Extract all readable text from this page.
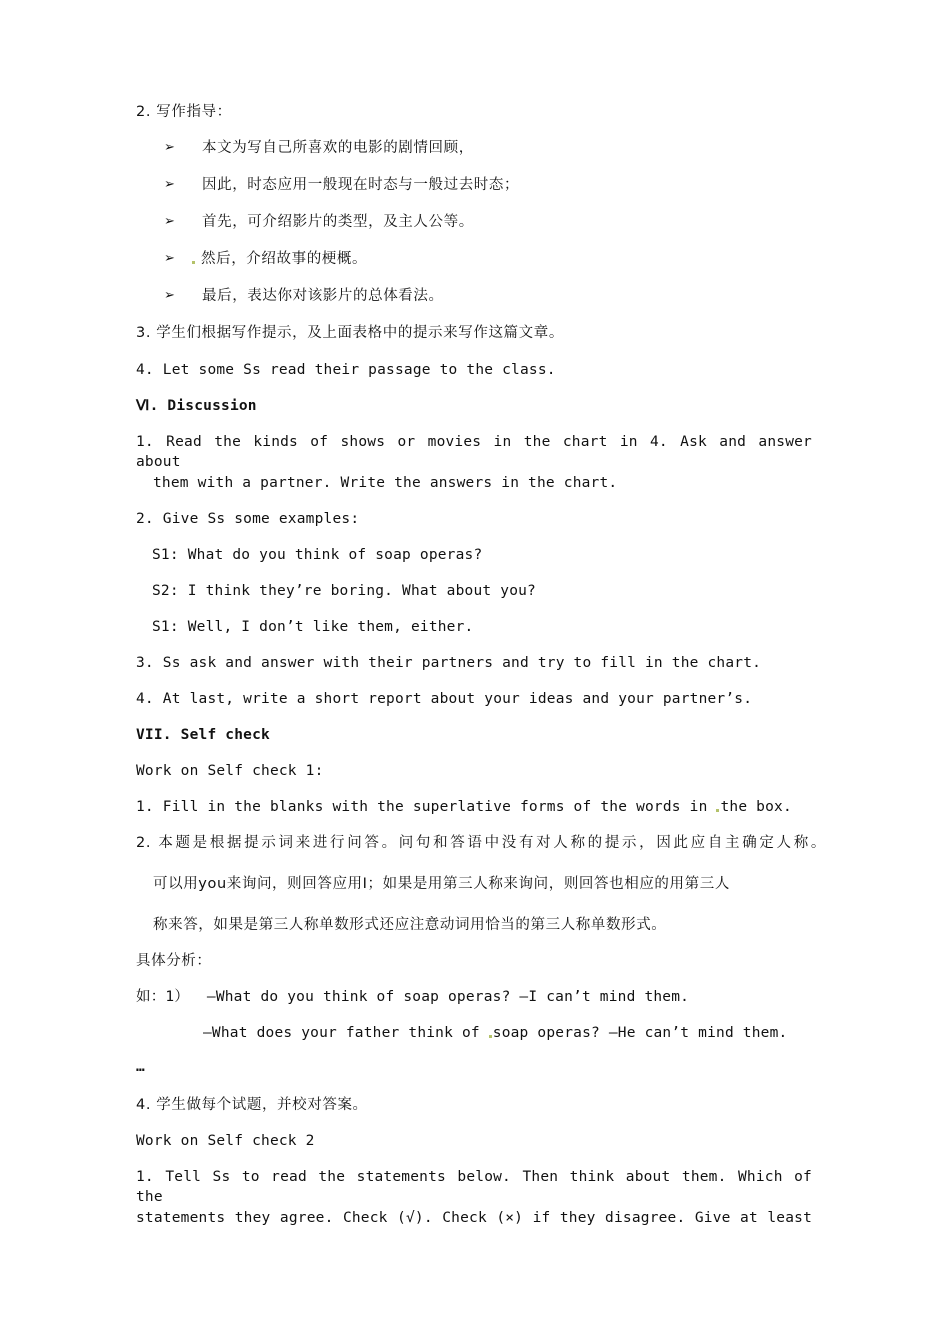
2. 写作指导：
➢ 本文为写自己所喜欢的电影的剧情回顾，
➢ 因此，时态应用一般现在时态与一般过去时态；
➢ 首先，可介绍影片的类型，及主人公等。
➢	然后，介绍故事的梗概。
➢ 最后，表达你对该影片的总体看法。
3. 学生们根据写作提示，及上面表格中的提示来写作这篇文章。
4. Let some Ss read their passage to the class.
Ⅵ. Discussion
1. Read the kinds of shows or movies in the chart in 4. Ask and answer about
them with a partner. Write the answers in the chart.
2. Give Ss some examples:
S1: What do you think of soap operas?
S2: I think they’re boring. What about you?
S1: Well, I don’t like them, either.
3. Ss ask and answer with their partners and try to fill in the chart.
4. At last, write a short report about your ideas and your partner’s.
VII. Self check
Work on Self check 1:
1. Fill in the blanks with the superlative forms of the words in the box.
2. 本题是根据提示词来进行问答。问句和答语中没有对人称的提示，因此应自主确定人称。
可以用you来询问，则回答应用I；如果是用第三人称来询问，则回答也相应的用第三人
称来答，如果是第三人称单数形式还应注意动词用恰当的第三人称单数形式。
具体分析：
如：1）  —What do you think of soap operas? —I can’t mind them.
—What does your father think of soap operas? —He can’t mind them.
…
4. 学生做每个试题，并校对答案。
Work on Self check 2
1. Tell Ss to read the statements below. Then think about them. Which of the
statements they agree. Check (√). Check (×) if they disagree. Give at least
